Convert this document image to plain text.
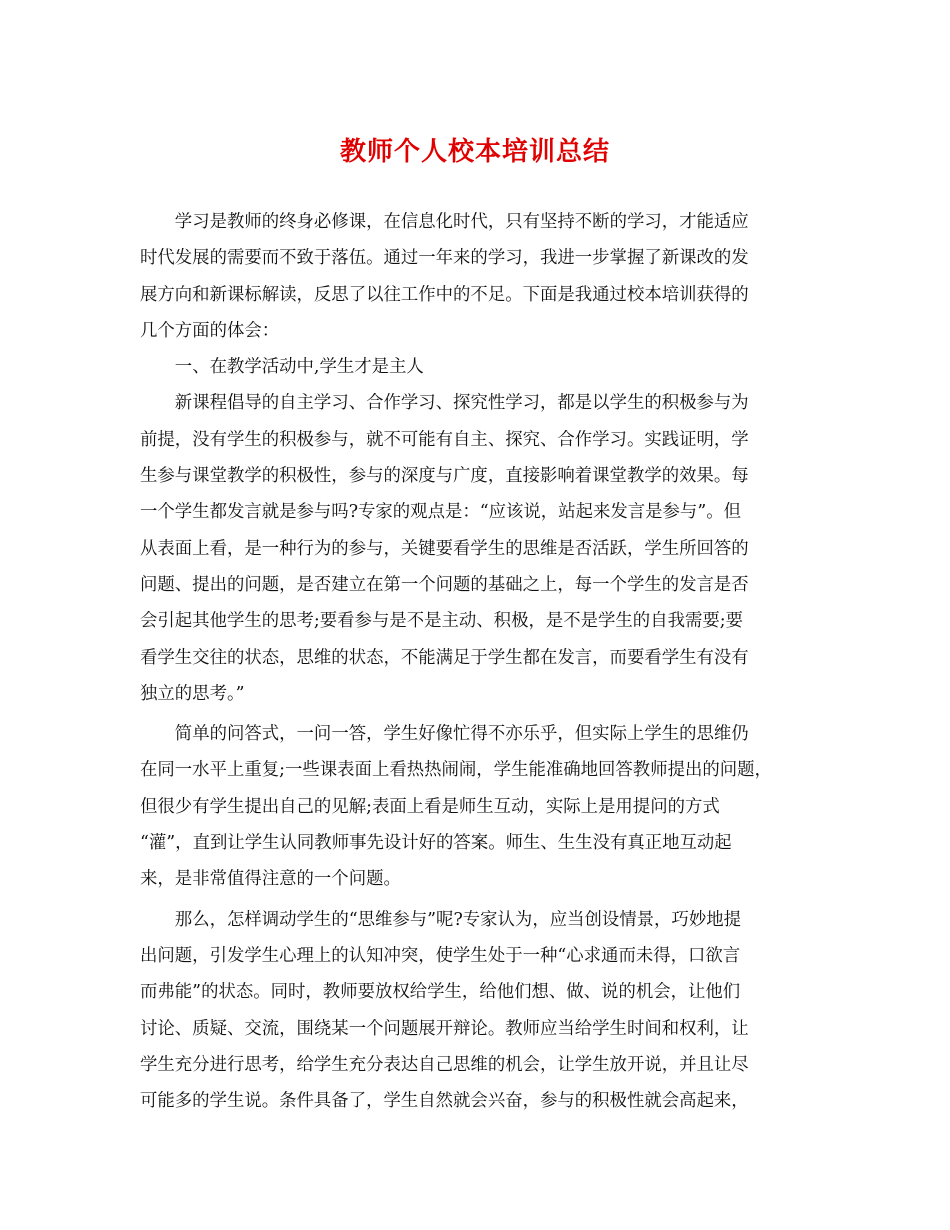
教师个人校本培训总结

学习是教师的终身必修课，在信息化时代，只有坚持不断的学习，才能适应
时代发展的需要而不致于落伍。通过一年来的学习，我进一步掌握了新课改的发
展方向和新课标解读，反思了以往工作中的不足。下面是我通过校本培训获得的
几个方面的体会：

一、在教学活动中,学生才是主人

新课程倡导的自主学习、合作学习、探究性学习，都是以学生的积极参与为
前提，没有学生的积极参与，就不可能有自主、探究、合作学习。实践证明，学
生参与课堂教学的积极性，参与的深度与广度，直接影响着课堂教学的效果。每
一个学生都发言就是参与吗?专家的观点是：“应该说，站起来发言是参与”。但
从表面上看，是一种行为的参与，关键要看学生的思维是否活跃，学生所回答的
问题、提出的问题，是否建立在第一个问题的基础之上，每一个学生的发言是否
会引起其他学生的思考;要看参与是不是主动、积极，是不是学生的自我需要;要
看学生交往的状态，思维的状态，不能满足于学生都在发言，而要看学生有没有
独立的思考。”

简单的问答式，一问一答，学生好像忙得不亦乐乎，但实际上学生的思维仍
在同一水平上重复;一些课表面上看热热闹闹，学生能准确地回答教师提出的问题，
但很少有学生提出自己的见解;表面上看是师生互动，实际上是用提问的方式
“灌”，直到让学生认同教师事先设计好的答案。师生、生生没有真正地互动起
来，是非常值得注意的一个问题。

那么，怎样调动学生的“思维参与”呢?专家认为，应当创设情景，巧妙地提
出问题，引发学生心理上的认知冲突，使学生处于一种“心求通而未得，口欲言
而弗能”的状态。同时，教师要放权给学生，给他们想、做、说的机会，让他们
讨论、质疑、交流，围绕某一个问题展开辩论。教师应当给学生时间和权利，让
学生充分进行思考，给学生充分表达自己思维的机会，让学生放开说，并且让尽
可能多的学生说。条件具备了，学生自然就会兴奋，参与的积极性就会高起来，
